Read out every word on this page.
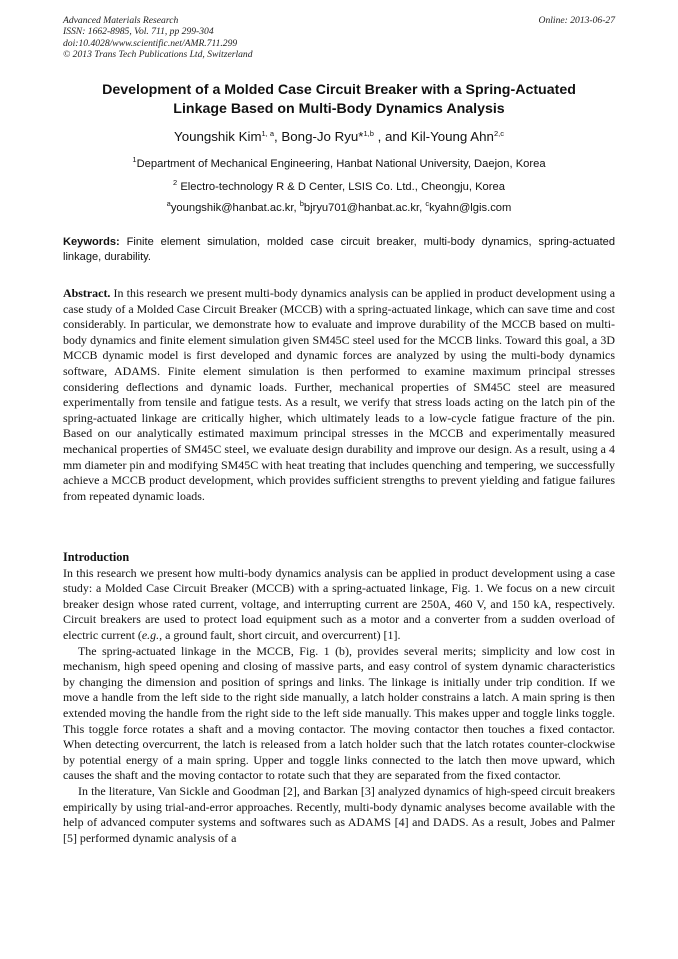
Advanced Materials Research
ISSN: 1662-8985, Vol. 711, pp 299-304
doi:10.4028/www.scientific.net/AMR.711.299
© 2013 Trans Tech Publications Ltd, Switzerland
Online: 2013-06-27
Development of a Molded Case Circuit Breaker with a Spring-Actuated
Linkage Based on Multi-Body Dynamics Analysis
Youngshik Kim$^{1, a}$, Bong-Jo Ryu*$^{1,b}$ , and Kil-Young Ahn$^{2,c}$
$^1$Department of Mechanical Engineering, Hanbat National University, Daejon, Korea
$^2$ Electro-technology R & D Center, LSIS Co. Ltd., Cheongju, Korea
$^a$youngshik@hanbat.ac.kr, $^b$bjryu701@hanbat.ac.kr, $^c$kyahn@lgis.com
Keywords: Finite element simulation, molded case circuit breaker, multi-body dynamics, spring-actuated linkage, durability.

Abstract. In this research we present multi-body dynamics analysis can be applied in product development using a case study of a Molded Case Circuit Breaker (MCCB) with a spring-actuated linkage, which can save time and cost considerably. In particular, we demonstrate how to evaluate and improve durability of the MCCB based on multi-body dynamics and finite element simulation given SM45C steel used for the MCCB links. Toward this goal, a 3D MCCB dynamic model is first developed and dynamic forces are analyzed by using the multi-body dynamics software, ADAMS. Finite element simulation is then performed to examine maximum principal stresses considering deflections and dynamic loads. Further, mechanical properties of SM45C steel are measured experimentally from tensile and fatigue tests. As a result, we verify that stress loads acting on the latch pin of the spring-actuated linkage are critically higher, which ultimately leads to a low-cycle fatigue fracture of the pin. Based on our analytically estimated maximum principal stresses in the MCCB and experimentally measured mechanical properties of SM45C steel, we evaluate design durability and improve our design. As a result, using a 4 mm diameter pin and modifying SM45C with heat treating that includes quenching and tempering, we successfully achieve a MCCB product development, which provides sufficient strengths to prevent yielding and fatigue failures from repeated dynamic loads.

Introduction

In this research we present how multi-body dynamics analysis can be applied in product development using a case study: a Molded Case Circuit Breaker (MCCB) with a spring-actuated linkage, Fig. 1. We focus on a new circuit breaker design whose rated current, voltage, and interrupting current are 250A, 460 V, and 150 kA, respectively. Circuit breakers are used to protect load equipment such as a motor and a converter from a sudden overload of electric current (e.g., a ground fault, short circuit, and overcurrent) [1].

The spring-actuated linkage in the MCCB, Fig. 1 (b), provides several merits; simplicity and low cost in mechanism, high speed opening and closing of massive parts, and easy control of system dynamic characteristics by changing the dimension and position of springs and links. The linkage is initially under trip condition. If we move a handle from the left side to the right side manually, a latch holder constrains a latch. A main spring is then extended moving the handle from the right side to the left side manually. This makes upper and toggle links toggle. This toggle force rotates a shaft and a moving contactor. The moving contactor then touches a fixed contactor. When detecting overcurrent, the latch is released from a latch holder such that the latch rotates counter-clockwise by potential energy of a main spring. Upper and toggle links connected to the latch then move upward, which causes the shaft and the moving contactor to rotate such that they are separated from the fixed contactor.

In the literature, Van Sickle and Goodman [2], and Barkan [3] analyzed dynamics of high-speed circuit breakers empirically by using trial-and-error approaches. Recently, multi-body dynamic analyses become available with the help of advanced computer systems and softwares such as ADAMS [4] and DADS. As a result, Jobes and Palmer [5] performed dynamic analysis of a
